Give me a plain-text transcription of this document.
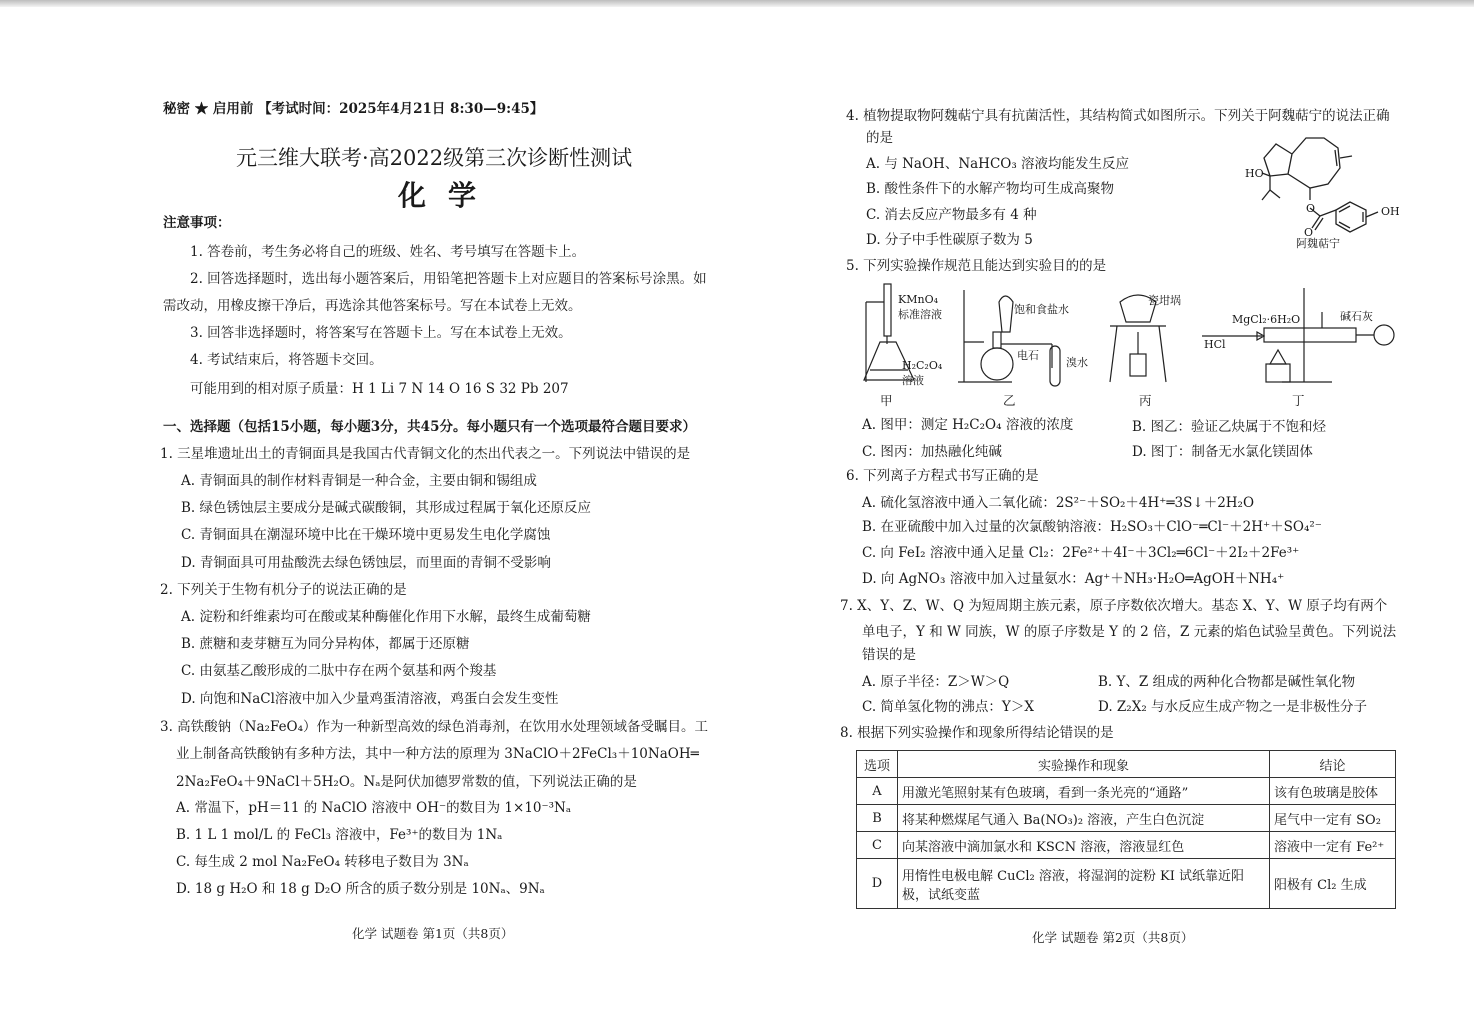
秘密 ★ 启用前 【考试时间：2025年4月21日 8:30—9:45】
元三维大联考·高2022级第三次诊断性测试
化学
注意事项：
1. 答卷前，考生务必将自己的班级、姓名、考号填写在答题卡上。
2. 回答选择题时，选出每小题答案后，用铅笔把答题卡上对应题目的答案标号涂黑。如
需改动，用橡皮擦干净后，再选涂其他答案标号。写在本试卷上无效。
3. 回答非选择题时，将答案写在答题卡上。写在本试卷上无效。
4. 考试结束后，将答题卡交回。
可能用到的相对原子质量：H 1 Li 7 N 14 O 16 S 32 Pb 207
一、选择题（包括15小题，每小题3分，共45分。每小题只有一个选项最符合题目要求）
1. 三星堆遗址出土的青铜面具是我国古代青铜文化的杰出代表之一。下列说法中错误的是
A. 青铜面具的制作材料青铜是一种合金，主要由铜和锡组成
B. 绿色锈蚀层主要成分是碱式碳酸铜，其形成过程属于氧化还原反应
C. 青铜面具在潮湿环境中比在干燥环境中更易发生电化学腐蚀
D. 青铜面具可用盐酸洗去绿色锈蚀层，而里面的青铜不受影响
2. 下列关于生物有机分子的说法正确的是
A. 淀粉和纤维素均可在酸或某种酶催化作用下水解，最终生成葡萄糖
B. 蔗糖和麦芽糖互为同分异构体，都属于还原糖
C. 由氨基乙酸形成的二肽中存在两个氨基和两个羧基
D. 向饱和NaCl溶液中加入少量鸡蛋清溶液，鸡蛋白会发生变性
3. 高铁酸钠（Na₂FeO₄）作为一种新型高效的绿色消毒剂，在饮用水处理领域备受瞩目。工
业上制备高铁酸钠有多种方法，其中一种方法的原理为 3NaClO＋2FeCl₃＋10NaOH═
2Na₂FeO₄＋9NaCl＋5H₂O。Nₐ是阿伏加德罗常数的值，下列说法正确的是
A. 常温下，pH＝11 的 NaClO 溶液中 OH⁻的数目为 1×10⁻³Nₐ
B. 1 L 1 mol/L 的 FeCl₃ 溶液中，Fe³⁺的数目为 1Nₐ
C. 每生成 2 mol Na₂FeO₄ 转移电子数目为 3Nₐ
D. 18 g H₂O 和 18 g D₂O 所含的质子数分别是 10Nₐ、9Nₐ
化学 试题卷 第1页（共8页）
4. 植物提取物阿魏萜宁具有抗菌活性，其结构简式如图所示。下列关于阿魏萜宁的说法正确
的是
A. 与 NaOH、NaHCO₃ 溶液均能发生反应
B. 酸性条件下的水解产物均可生成高聚物
C. 消去反应产物最多有 4 种
D. 分子中手性碳原子数为 5
HO
O
O
OH
阿魏萜宁
5. 下列实验操作规范且能达到实验目的的是
KMnO₄
标准溶液
H₂C₂O₄
溶液
饱和食盐水
电石
溴水
瓷坩埚
MgCl₂·6H₂O	碱石灰
HCl
甲	乙	丙	丁
A. 图甲：测定 H₂C₂O₄ 溶液的浓度	B. 图乙：验证乙炔属于不饱和烃
C. 图丙：加热融化纯碱	D. 图丁：制备无水氯化镁固体
6. 下列离子方程式书写正确的是
A. 硫化氢溶液中通入二氧化硫：2S²⁻＋SO₂＋4H⁺═3S↓＋2H₂O
B. 在亚硫酸中加入过量的次氯酸钠溶液：H₂SO₃＋ClO⁻═Cl⁻＋2H⁺＋SO₄²⁻
C. 向 FeI₂ 溶液中通入足量 Cl₂：2Fe²⁺＋4I⁻＋3Cl₂═6Cl⁻＋2I₂＋2Fe³⁺
D. 向 AgNO₃ 溶液中加入过量氨水：Ag⁺＋NH₃·H₂O═AgOH＋NH₄⁺
7. X、Y、Z、W、Q 为短周期主族元素，原子序数依次增大。基态 X、Y、W 原子均有两个
单电子，Y 和 W 同族，W 的原子序数是 Y 的 2 倍，Z 元素的焰色试验呈黄色。下列说法
错误的是
A. 原子半径：Z＞W＞Q	B. Y、Z 组成的两种化合物都是碱性氧化物
C. 简单氢化物的沸点：Y＞X	D. Z₂X₂ 与水反应生成产物之一是非极性分子
8. 根据下列实验操作和现象所得结论错误的是
选项	实验操作和现象	结论
A	用激光笔照射某有色玻璃，看到一条光亮的“通路”	该有色玻璃是胶体
B	将某种燃煤尾气通入 Ba(NO₃)₂ 溶液，产生白色沉淀	尾气中一定有 SO₂
C	向某溶液中滴加氯水和 KSCN 溶液，溶液显红色	溶液中一定有 Fe²⁺
D	用惰性电极电解 CuCl₂ 溶液，将湿润的淀粉 KI 试纸靠近阳
极，试纸变蓝	阳极有 Cl₂ 生成
化学 试题卷 第2页（共8页）
